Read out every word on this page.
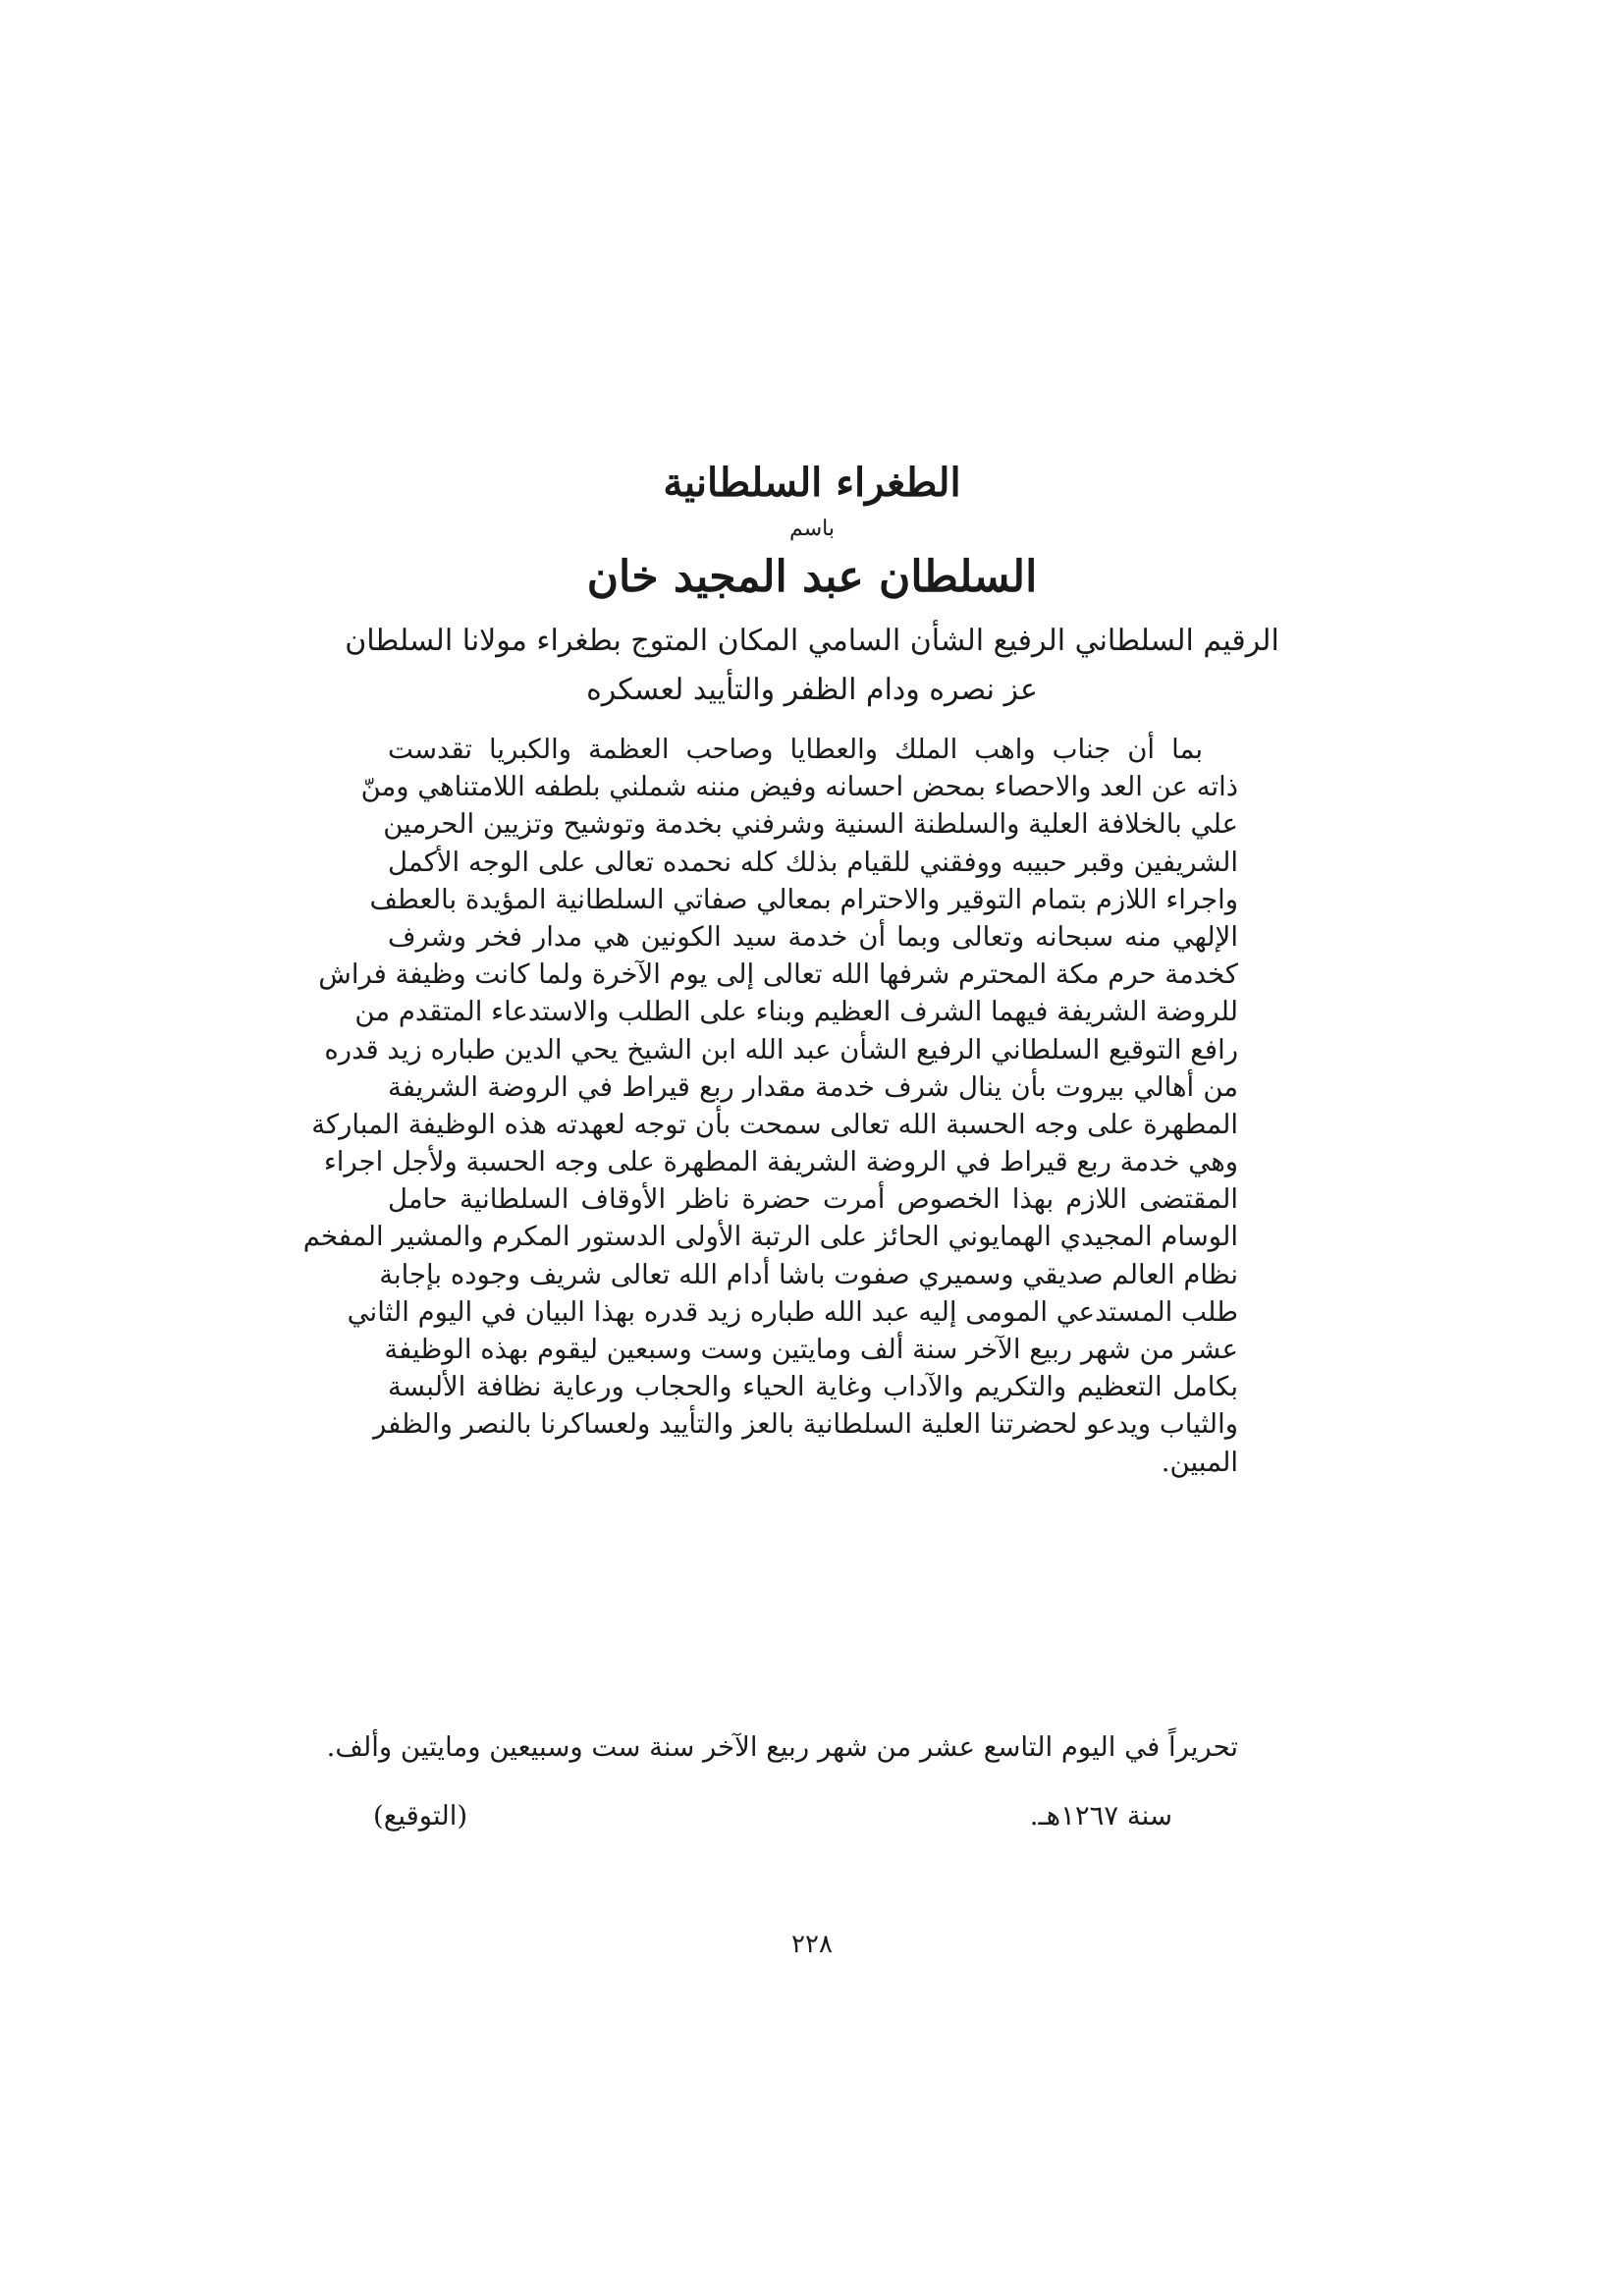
الطغراء السلطانية
باسم
السلطان عبد المجيد خان
الرقيم السلطاني الرفيع الشأن السامي المكان المتوج بطغراء مولانا السلطان
عز نصره ودام الظفر والتأييد لعسكره
بما أن جناب واهب الملك والعطايا وصاحب العظمة والكبريا تقدست
ذاته عن العد والاحصاء بمحض احسانه وفيض مننه شملني بلطفه اللامتناهي ومنّ
علي بالخلافة العلية والسلطنة السنية وشرفني بخدمة وتوشيح وتزيين الحرمين
الشريفين وقبر حبيبه ووفقني للقيام بذلك كله نحمده تعالى على الوجه الأكمل
واجراء اللازم بتمام التوقير والاحترام بمعالي صفاتي السلطانية المؤيدة بالعطف
الإلهي منه سبحانه وتعالى وبما أن خدمة سيد الكونين هي مدار فخر وشرف
كخدمة حرم مكة المحترم شرفها الله تعالى إلى يوم الآخرة ولما كانت وظيفة فراش
للروضة الشريفة فيهما الشرف العظيم وبناء على الطلب والاستدعاء المتقدم من
رافع التوقيع السلطاني الرفيع الشأن عبد الله ابن الشيخ يحي الدين طباره زيد قدره
من أهالي بيروت بأن ينال شرف خدمة مقدار ربع قيراط في الروضة الشريفة
المطهرة على وجه الحسبة الله تعالى سمحت بأن توجه لعهدته هذه الوظيفة المباركة
وهي خدمة ربع قيراط في الروضة الشريفة المطهرة على وجه الحسبة ولأجل اجراء
المقتضى اللازم بهذا الخصوص أمرت حضرة ناظر الأوقاف السلطانية حامل
الوسام المجيدي الهمايوني الحائز على الرتبة الأولى الدستور المكرم والمشير المفخم
نظام العالم صديقي وسميري صفوت باشا أدام الله تعالى شريف وجوده بإجابة
طلب المستدعي المومى إليه عبد الله طباره زيد قدره بهذا البيان في اليوم الثاني
عشر من شهر ربيع الآخر سنة ألف ومايتين وست وسبعين ليقوم بهذه الوظيفة
بكامل التعظيم والتكريم والآداب وغاية الحياء والحجاب ورعاية نظافة الألبسة
والثياب ويدعو لحضرتنا العلية السلطانية بالعز والتأييد ولعساكرنا بالنصر والظفر
المبين.
تحريراً في اليوم التاسع عشر من شهر ربيع الآخر سنة ست وسبيعين ومايتين وألف.
سنة ١٢٦٧هـ.
(التوقيع)
٢٢٨
